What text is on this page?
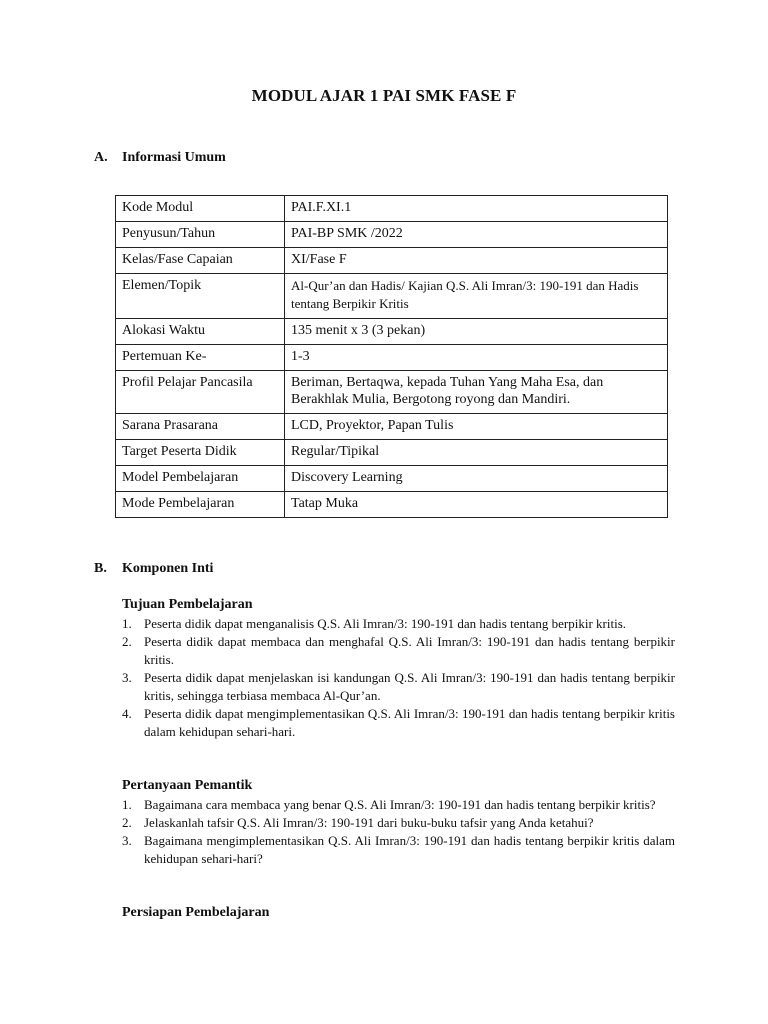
MODUL AJAR 1 PAI SMK FASE F
A. Informasi Umum
Kode Modul	PAI.F.XI.1
Penyusun/Tahun	PAI-BP SMK /2022
Kelas/Fase Capaian	XI/Fase F
Elemen/Topik	Al-Qur’an dan Hadis/ Kajian Q.S. Ali Imran/3: 190-191 dan Hadis tentang Berpikir Kritis
Alokasi Waktu	135 menit x 3 (3 pekan)
Pertemuan Ke-	1-3
Profil Pelajar Pancasila	Beriman, Bertaqwa, kepada Tuhan Yang Maha Esa, dan Berakhlak Mulia, Bergotong royong dan Mandiri.
Sarana Prasarana	LCD, Proyektor, Papan Tulis
Target Peserta Didik	Regular/Tipikal
Model Pembelajaran	Discovery Learning
Mode Pembelajaran	Tatap Muka
B. Komponen Inti
Tujuan Pembelajaran
1. Peserta didik dapat menganalisis Q.S. Ali Imran/3: 190-191 dan hadis tentang berpikir kritis.
2. Peserta didik dapat membaca dan menghafal Q.S. Ali Imran/3: 190-191 dan hadis tentang berpikir kritis.
3. Peserta didik dapat menjelaskan isi kandungan Q.S. Ali Imran/3: 190-191 dan hadis tentang berpikir kritis, sehingga terbiasa membaca Al-Qur’an.
4. Peserta didik dapat mengimplementasikan Q.S. Ali Imran/3: 190-191 dan hadis tentang berpikir kritis dalam kehidupan sehari-hari.
Pertanyaan Pemantik
1. Bagaimana cara membaca yang benar Q.S. Ali Imran/3: 190-191 dan hadis tentang berpikir kritis?
2. Jelaskanlah tafsir Q.S. Ali Imran/3: 190-191 dari buku-buku tafsir yang Anda ketahui?
3. Bagaimana mengimplementasikan Q.S. Ali Imran/3: 190-191 dan hadis tentang berpikir kritis dalam kehidupan sehari-hari?
Persiapan Pembelajaran
